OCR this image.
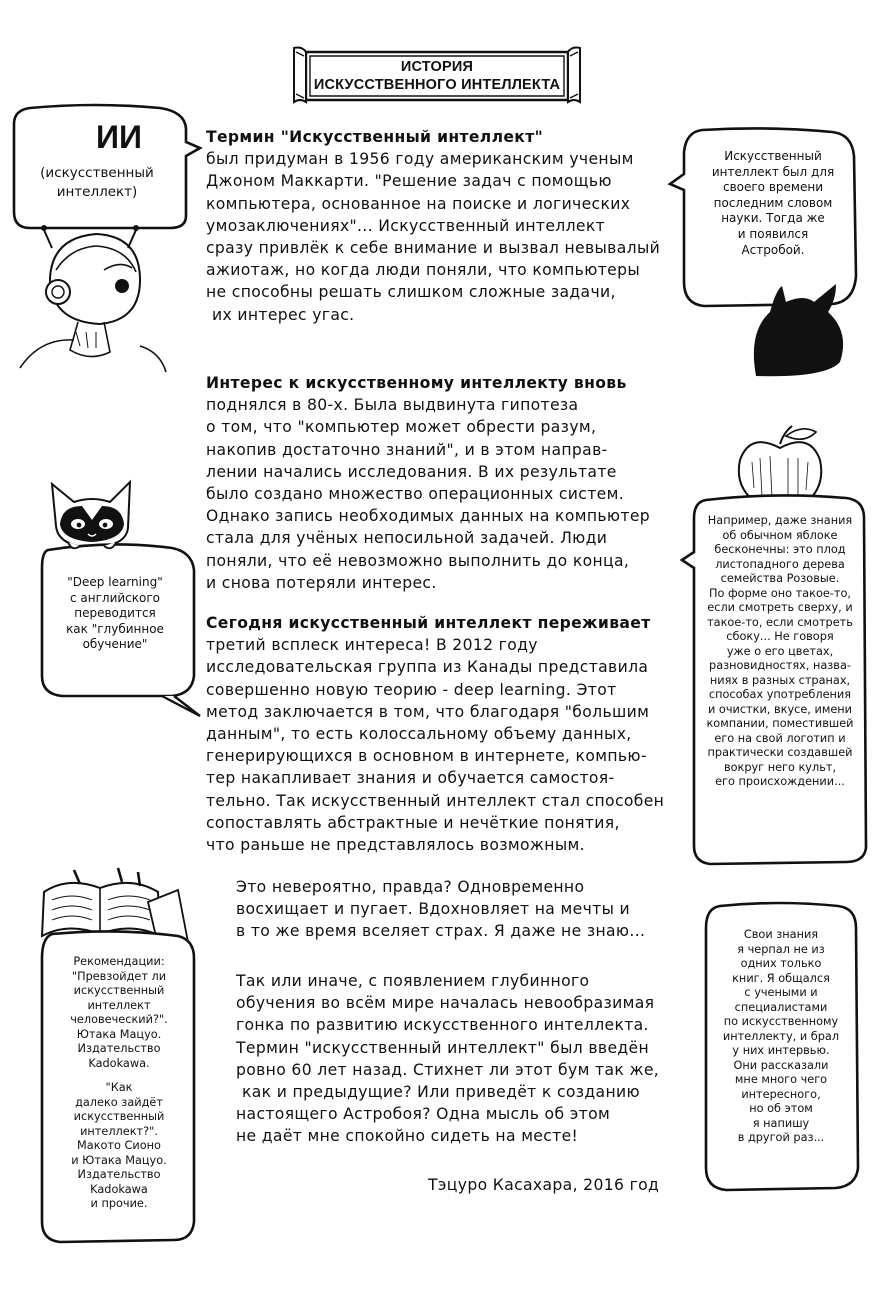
ИСТОРИЯ
ИСКУССТВЕННОГО ИНТЕЛЛЕКТА
ИИ
(искусственный
интеллект)
Искусственный
интеллект был для
своего времени
последним словом
науки. Тогда же
и появился
Астробой.
Термин "Искусственный интеллект"
был придуман в 1956 году американским ученым
Джоном Маккарти. "Решение задач с помощью
компьютера, основанное на поиске и логических
умозаключениях"... Искусственный интеллект
сразу привлёк к себе внимание и вызвал невывалый
ажиотаж, но когда люди поняли, что компьютеры
не способны решать слишком сложные задачи,
их интерес угас.
"Deep learning"
с английского
переводится
как "глубинное
обучение"
Интерес к искусственному интеллекту вновь
поднялся в 80-х. Была выдвинута гипотеза
о том, что "компьютер может обрести разум,
накопив достаточно знаний", и в этом направ-
лении начались исследования. В их результате
было создано множество операционных систем.
Однако запись необходимых данных на компьютер
стала для учёных непосильной задачей. Люди
поняли, что её невозможно выполнить до конца,
и снова потеряли интерес.
Например, даже знания
об обычном яблоке
бесконечны: это плод
листопадного дерева
семейства Розовые.
По форме оно такое-то,
если смотреть сверху, и
такое-то, если смотреть
сбоку... Не говоря
уже о его цветах,
разновидностях, назва-
ниях в разных странах,
способах употребления
и очистки, вкусе, имени
компании, поместившей
его на свой логотип и
практически создавшей
вокруг него культ,
его происхождении...
Сегодня искусственный интеллект переживает
третий всплеск интереса! В 2012 году
исследовательская группа из Канады представила
совершенно новую теорию - deep learning. Этот
метод заключается в том, что благодаря "большим
данным", то есть колоссальному объему данных,
генерирующихся в основном в интернете, компью-
тер накапливает знания и обучается самостоя-
тельно. Так искусственный интеллект стал способен
сопоставлять абстрактные и нечёткие понятия,
что раньше не представлялось возможным.
Рекомендации:
"Превзойдет ли
искусственный
интеллект
человеческий?".
Ютака Мацуо.
Издательство
Kadokawa.
"Как
далеко зайдёт
искусственный
интеллект?".
Макото Сионо
и Ютака Мацуо.
Издательство
Kadokawa
и прочие.
Это невероятно, правда? Одновременно
восхищает и пугает. Вдохновляет на мечты и
в то же время вселяет страх. Я даже не знаю...
Так или иначе, с появлением глубинного
обучения во всём мире началась невообразимая
гонка по развитию искусственного интеллекта.
Термин "искусственный интеллект" был введён
ровно 60 лет назад. Стихнет ли этот бум так же,
как и предыдущие? Или приведёт к созданию
настоящего Астробоя? Одна мысль об этом
не даёт мне спокойно сидеть на месте!
Тэцуро Касахара, 2016 год
Свои знания
я черпал не из
одних только
книг. Я общался
с учеными и
специалистами
по искусственному
интеллекту, и брал
у них интервью.
Они рассказали
мне много чего
интересного,
но об этом
я напишу
в другой раз...
